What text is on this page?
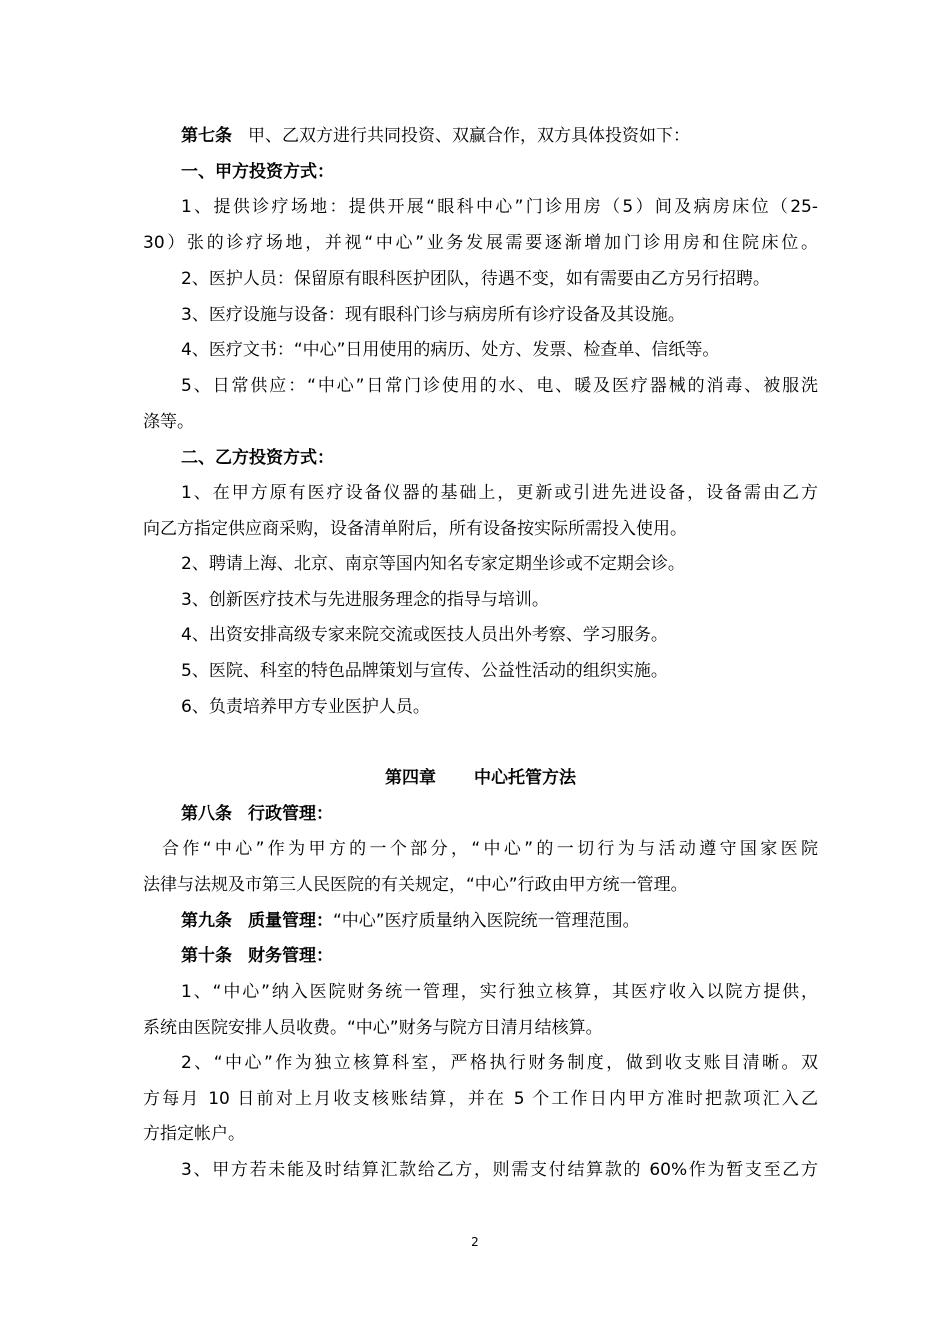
第七条 甲、乙双方进行共同投资、双赢合作，双方具体投资如下：
一、甲方投资方式：
1、提供诊疗场地：提供开展“眼科中心”门诊用房（5）间及病房床位（25-
30）张的诊疗场地，并视“中心”业务发展需要逐渐增加门诊用房和住院床位。
2、医护人员：保留原有眼科医护团队，待遇不变，如有需要由乙方另行招聘。
3、医疗设施与设备：现有眼科门诊与病房所有诊疗设备及其设施。
4、医疗文书：“中心”日用使用的病历、处方、发票、检查单、信纸等。
5、日常供应：“中心”日常门诊使用的水、电、暖及医疗器械的消毒、被服洗
涤等。
二、乙方投资方式：
1、在甲方原有医疗设备仪器的基础上，更新或引进先进设备，设备需由乙方
向乙方指定供应商采购，设备清单附后，所有设备按实际所需投入使用。
2、聘请上海、北京、南京等国内知名专家定期坐诊或不定期会诊。
3、创新医疗技术与先进服务理念的指导与培训。
4、出资安排高级专家来院交流或医技人员出外考察、学习服务。
5、医院、科室的特色品牌策划与宣传、公益性活动的组织实施。
6、负责培养甲方专业医护人员。
第四章 中心托管方法
第八条 行政管理：
合作“中心”作为甲方的一个部分，“中心”的一切行为与活动遵守国家医院
法律与法规及市第三人民医院的有关规定，“中心”行政由甲方统一管理。
第九条 质量管理：“中心”医疗质量纳入医院统一管理范围。
第十条 财务管理：
1、“中心”纳入医院财务统一管理，实行独立核算，其医疗收入以院方提供，
系统由医院安排人员收费。“中心”财务与院方日清月结核算。
2、“中心”作为独立核算科室，严格执行财务制度，做到收支账目清晰。双
方每月 10 日前对上月收支核账结算，并在 5 个工作日内甲方准时把款项汇入乙
方指定帐户。
3、甲方若未能及时结算汇款给乙方，则需支付结算款的 60%作为暂支至乙方
2
